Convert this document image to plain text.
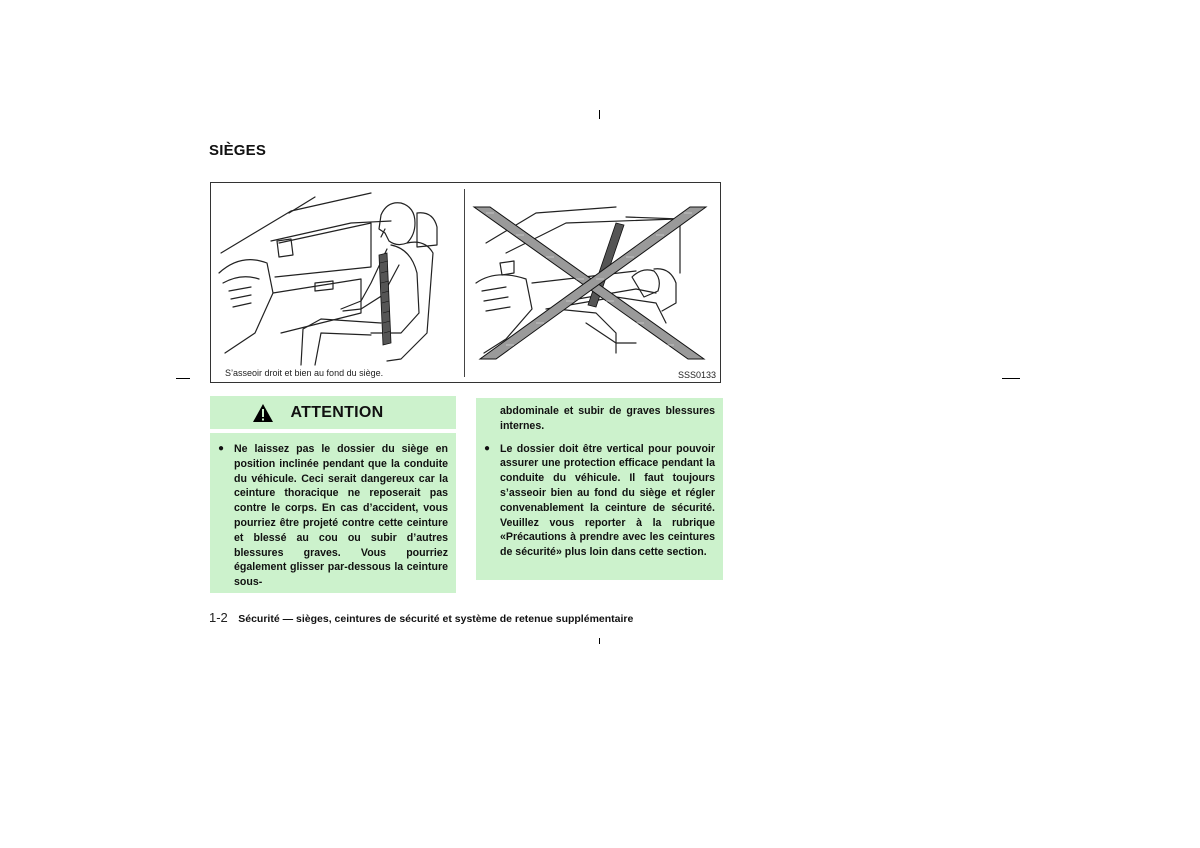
SIÈGES
S’asseoir droit et bien au fond du siège.	SSS0133
ATTENTION

● Ne laissez pas le dossier du siège en position inclinée pendant que la conduite du véhicule. Ceci serait dangereux car la ceinture thoracique ne reposerait pas contre le corps. En cas d’accident, vous pourriez être projeté contre cette ceinture et blessé au cou ou subir d’autres blessures graves. Vous pourriez également glisser par-dessous la ceinture sous-

abdominale et subir de graves blessures internes.

● Le dossier doit être vertical pour pouvoir assurer une protection efficace pendant la conduite du véhicule. Il faut toujours s’asseoir bien au fond du siège et régler convenablement la ceinture de sécurité. Veuillez vous reporter à la rubrique «Précautions à prendre avec les ceintures de sécurité» plus loin dans cette section.

1-2 Sécurité — sièges, ceintures de sécurité et système de retenue supplémentaire
